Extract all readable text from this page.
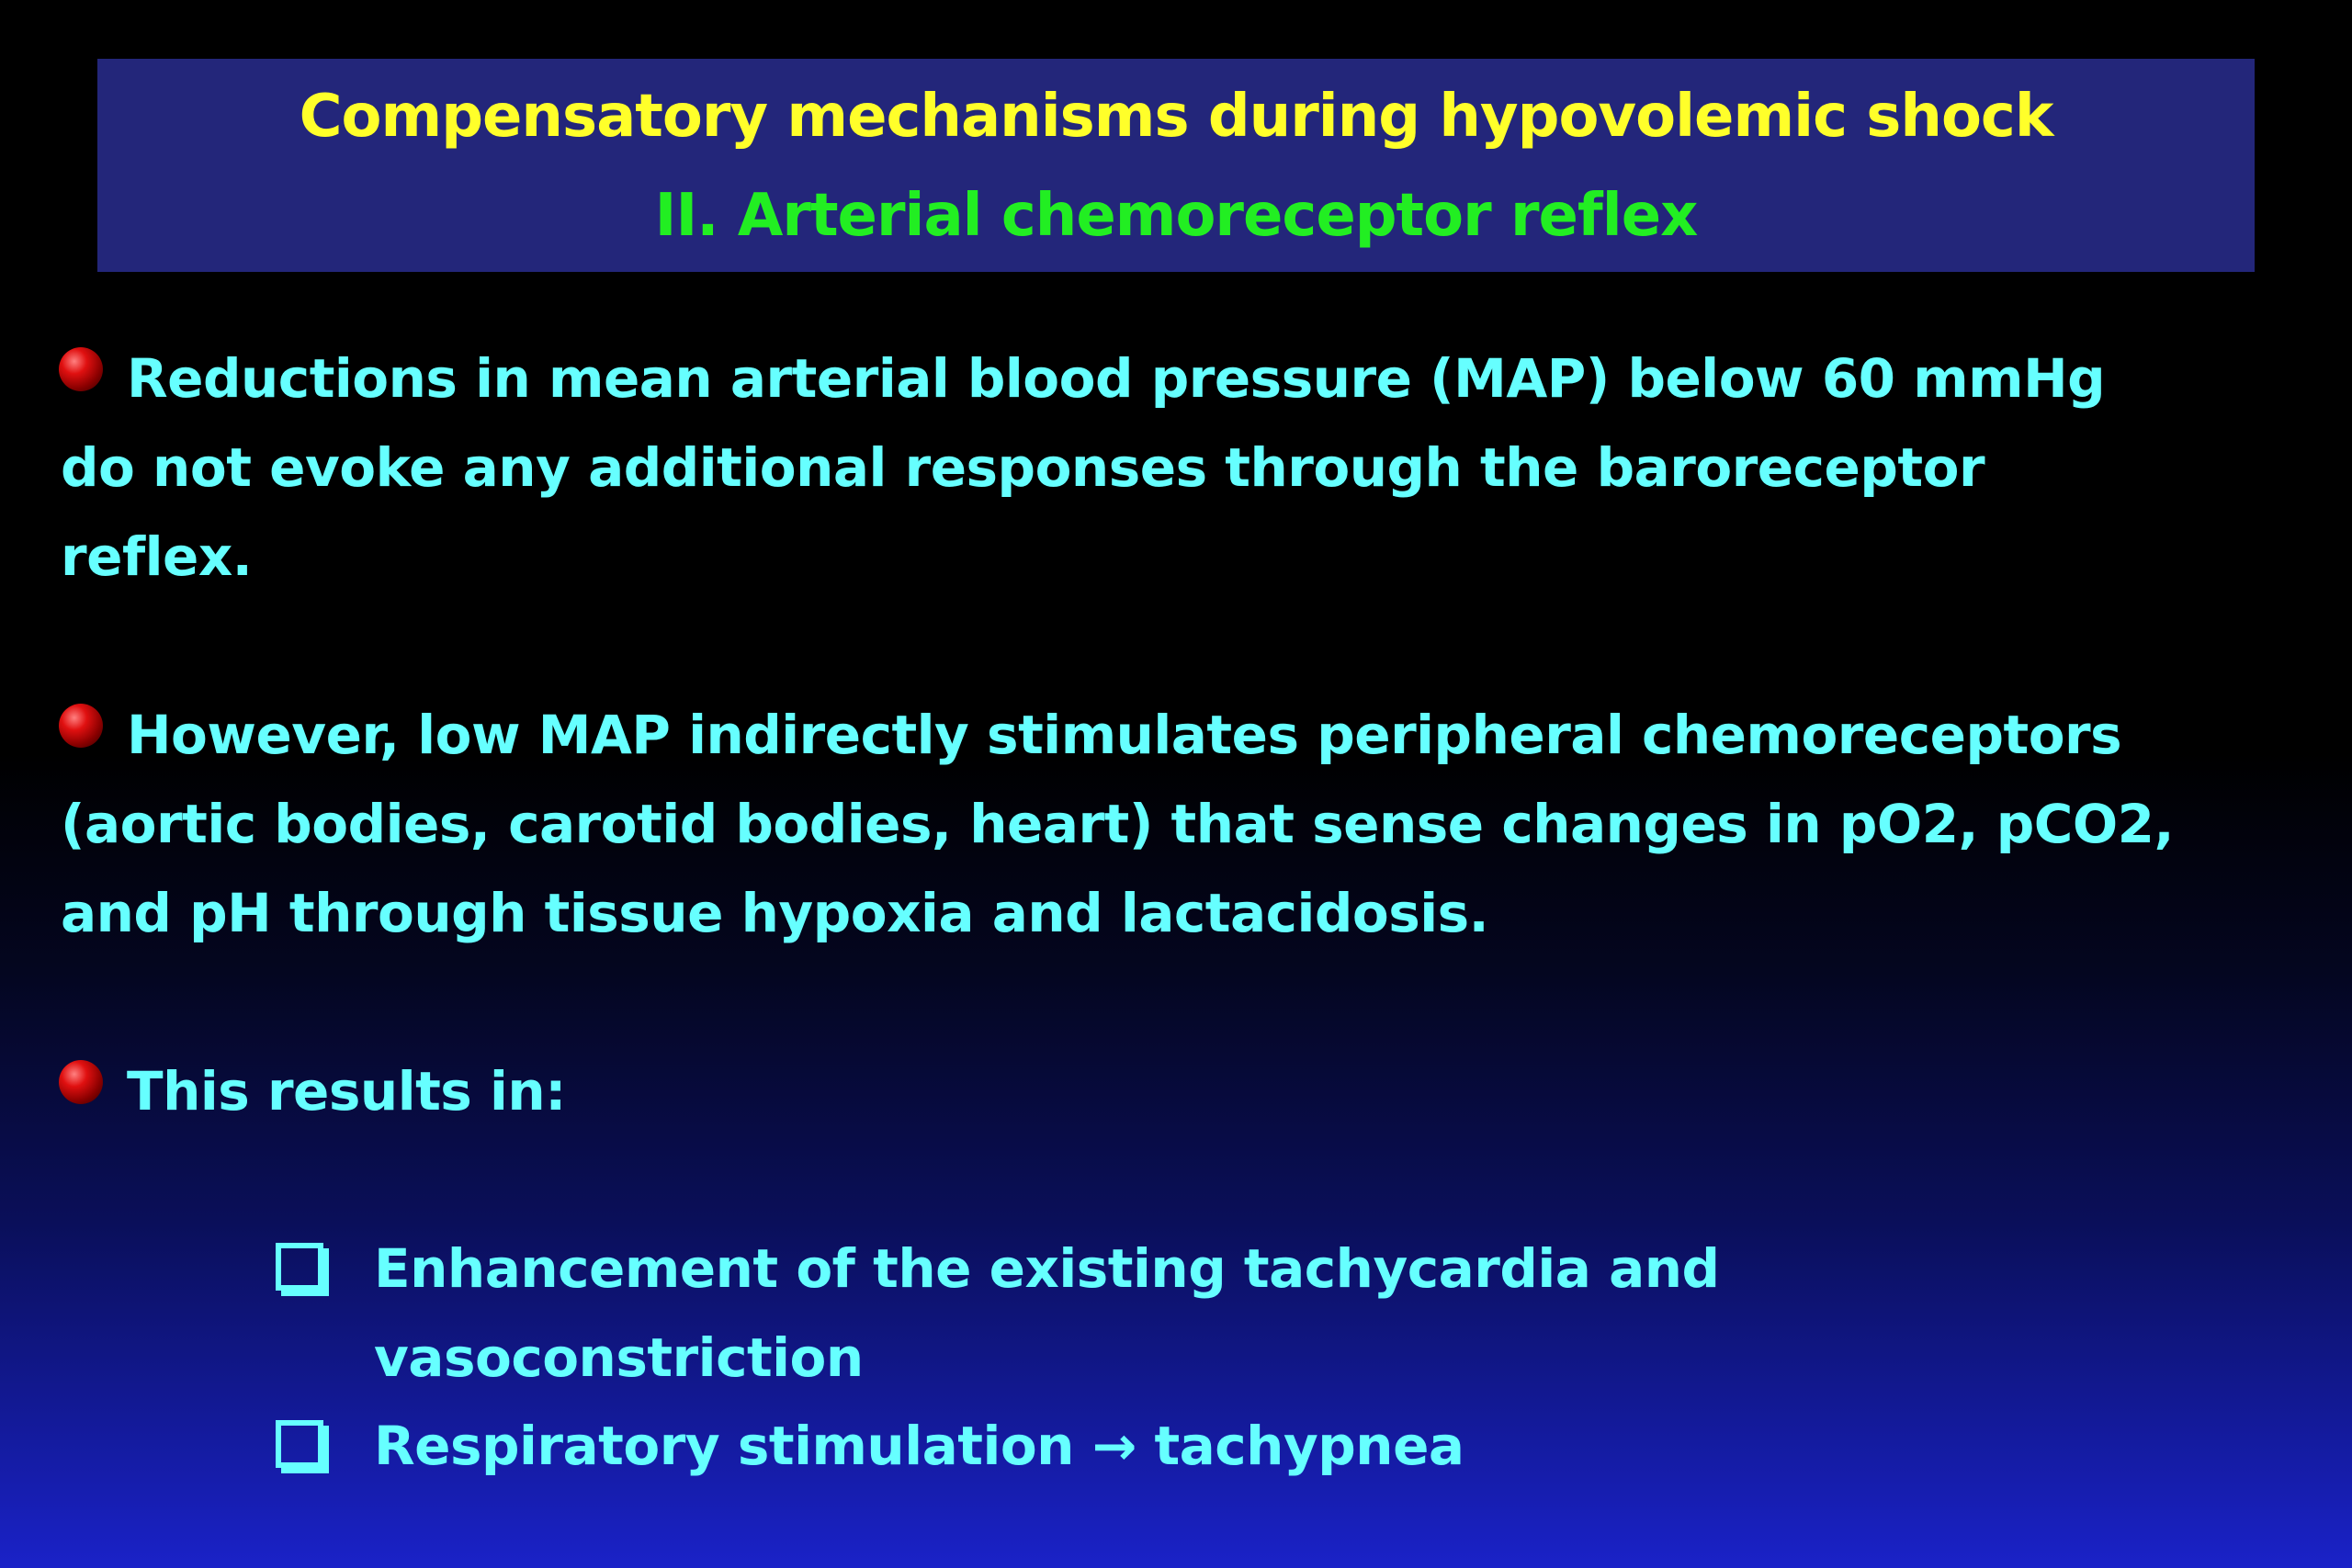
Compensatory mechanisms during hypovolemic shock
II. Arterial chemoreceptor reflex
Reductions in mean arterial blood pressure (MAP) below 60 mmHg
do not evoke any additional responses through the baroreceptor
reflex.
However, low MAP indirectly stimulates peripheral chemoreceptors
(aortic bodies, carotid bodies, heart) that sense changes in pO2, pCO2,
and pH through tissue hypoxia and lactacidosis.
This results in:
Enhancement of the existing tachycardia and
vasoconstriction
Respiratory stimulation → tachypnea
